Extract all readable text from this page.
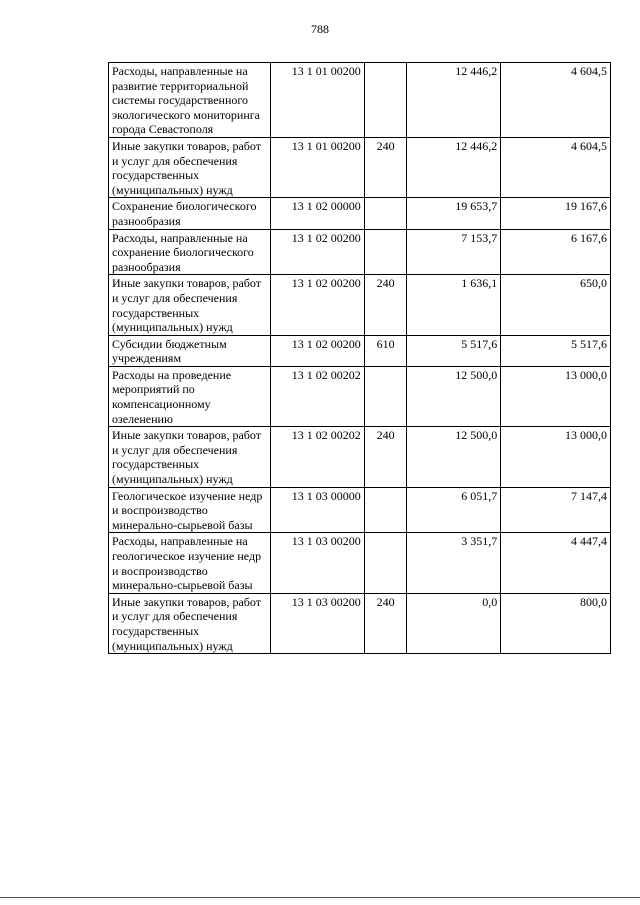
788
Расходы, направленные на развитие территориальной системы государственного экологического мониторинга города Севастополя	13 1 01 00200		12 446,2	4 604,5
Иные закупки товаров, работ и услуг для обеспечения государственных (муниципальных) нужд	13 1 01 00200	240	12 446,2	4 604,5
Сохранение биологического разнообразия	13 1 02 00000		19 653,7	19 167,6
Расходы, направленные на сохранение биологического разнообразия	13 1 02 00200		7 153,7	6 167,6
Иные закупки товаров, работ и услуг для обеспечения государственных (муниципальных) нужд	13 1 02 00200	240	1 636,1	650,0
Субсидии бюджетным учреждениям	13 1 02 00200	610	5 517,6	5 517,6
Расходы на проведение мероприятий по компенсационному озеленению	13 1 02 00202		12 500,0	13 000,0
Иные закупки товаров, работ и услуг для обеспечения государственных (муниципальных) нужд	13 1 02 00202	240	12 500,0	13 000,0
Геологическое изучение недр и воспроизводство минерально-сырьевой базы	13 1 03 00000		6 051,7	7 147,4
Расходы, направленные на геологическое изучение недр и воспроизводство минерально-сырьевой базы	13 1 03 00200		3 351,7	4 447,4
Иные закупки товаров, работ и услуг для обеспечения государственных (муниципальных) нужд	13 1 03 00200	240	0,0	800,0
